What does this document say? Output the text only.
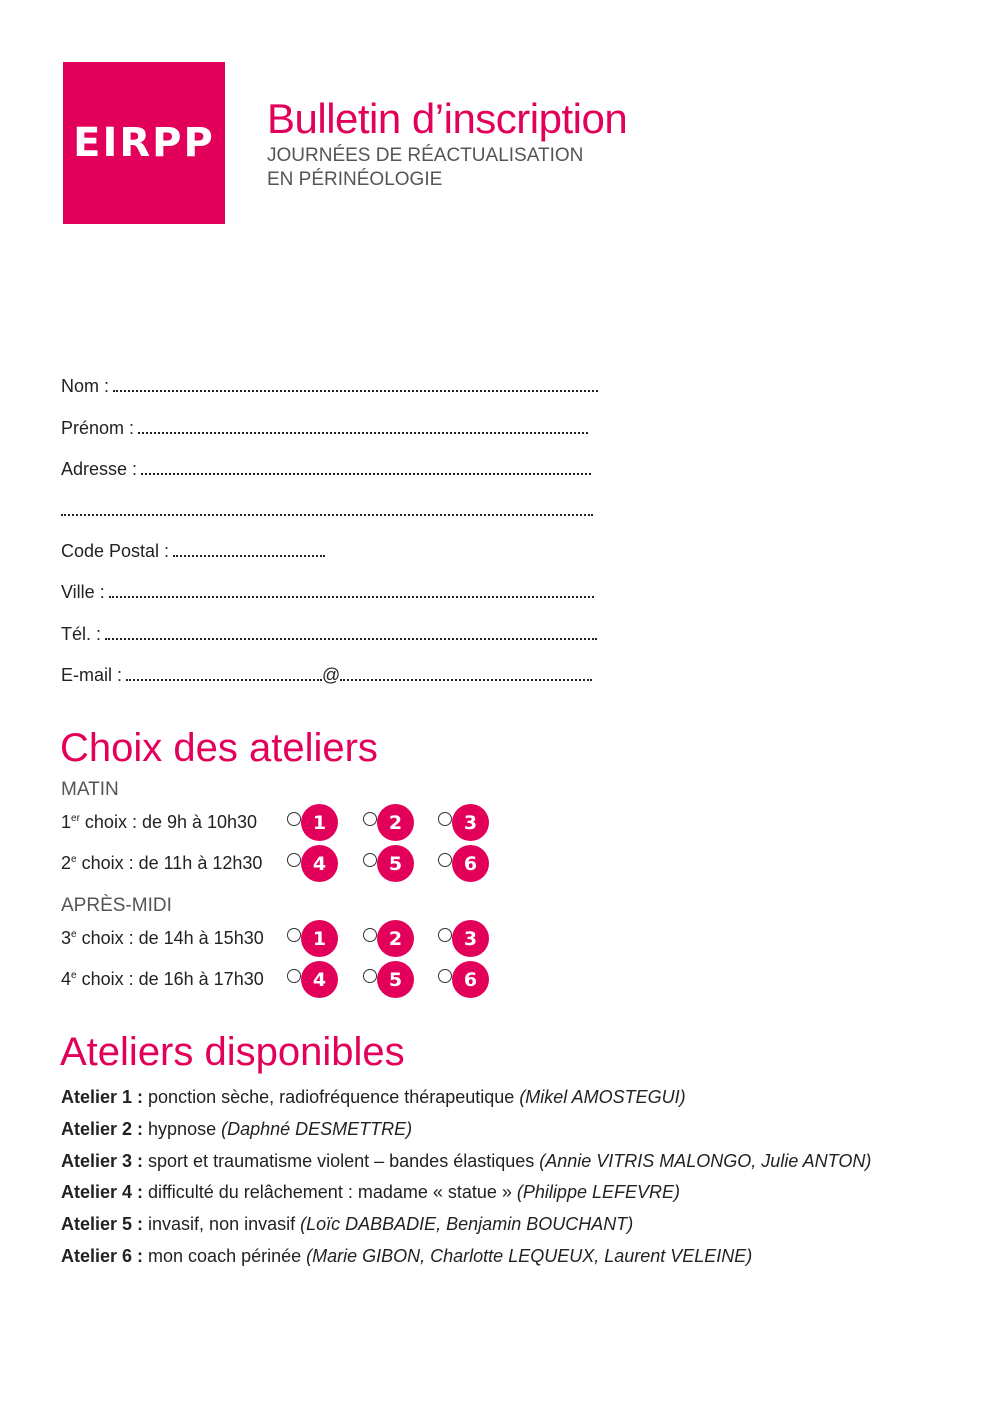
EIRPP
Bulletin d’inscription
JOURNÉES DE RÉACTUALISATION
EN PÉRINÉOLOGIE
Nom :
Prénom :
Adresse :
Code Postal :
Ville :
Tél. :
E-mail :	@
Choix des ateliers
MATIN
1er choix : de 9h à 10h30	1	2	3
2e choix : de 11h à 12h30	4	5	6
APRÈS-MIDI
3e choix : de 14h à 15h30	1	2	3
4e choix : de 16h à 17h30	4	5	6
Ateliers disponibles
Atelier 1 : ponction sèche, radiofréquence thérapeutique (Mikel AMOSTEGUI)
Atelier 2 : hypnose (Daphné DESMETTRE)
Atelier 3 : sport et traumatisme violent – bandes élastiques (Annie VITRIS MALONGO, Julie ANTON)
Atelier 4 : difficulté du relâchement : madame « statue » (Philippe LEFEVRE)
Atelier 5 : invasif, non invasif (Loïc DABBADIE, Benjamin BOUCHANT)
Atelier 6 : mon coach périnée (Marie GIBON, Charlotte LEQUEUX, Laurent VELEINE)
